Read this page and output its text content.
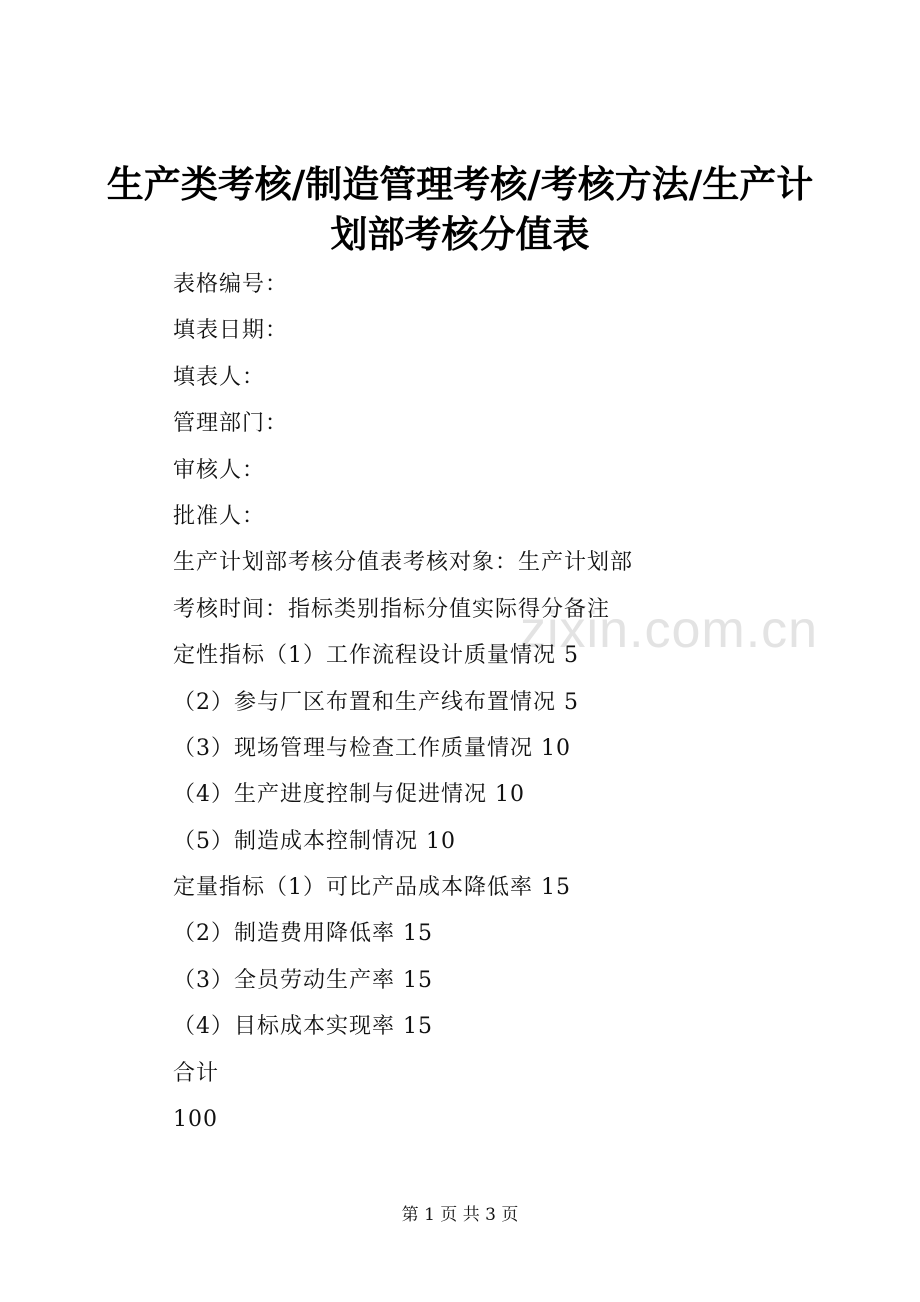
zixin.com.cn
生产类考核/制造管理考核/考核方法/生产计
划部考核分值表
表格编号：
填表日期：
填表人：
管理部门：
审核人：
批准人：
生产计划部考核分值表考核对象：生产计划部
考核时间：指标类别指标分值实际得分备注
定性指标（1）工作流程设计质量情况 5
（2）参与厂区布置和生产线布置情况 5
（3）现场管理与检查工作质量情况 10
（4）生产进度控制与促进情况 10
（5）制造成本控制情况 10
定量指标（1）可比产品成本降低率 15
（2）制造费用降低率 15
（3）全员劳动生产率 15
（4）目标成本实现率 15
合计
100
第 1 页 共 3 页
